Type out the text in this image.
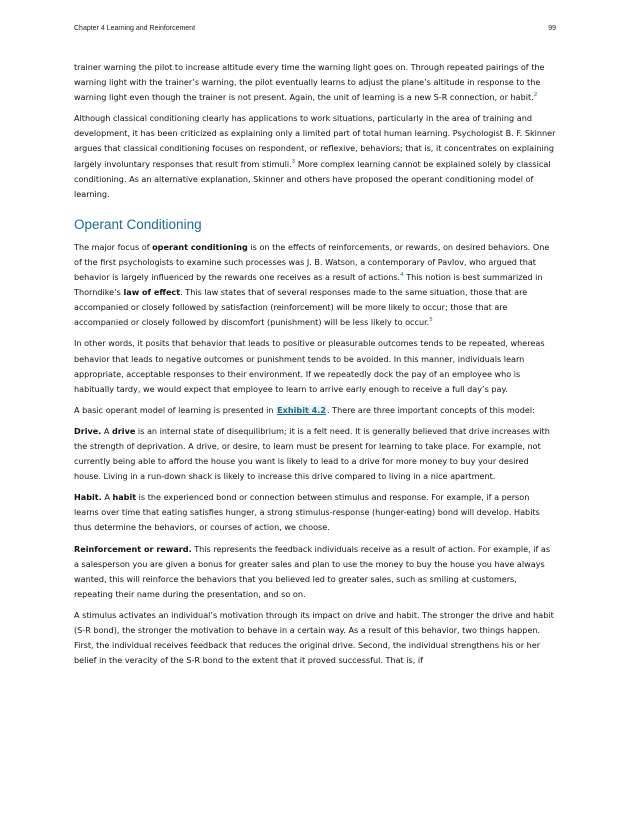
Chapter 4 Learning and Reinforcement	99

trainer warning the pilot to increase altitude every time the warning light goes on. Through repeated pairings of the warning light with the trainer’s warning, the pilot eventually learns to adjust the plane’s altitude in response to the warning light even though the trainer is not present. Again, the unit of learning is a new S-R connection, or habit.$^2$

Although classical conditioning clearly has applications to work situations, particularly in the area of training and development, it has been criticized as explaining only a limited part of total human learning. Psychologist B. F. Skinner argues that classical conditioning focuses on respondent, or reflexive, behaviors; that is, it concentrates on explaining largely involuntary responses that result from stimuli.$^3$ More complex learning cannot be explained solely by classical conditioning. As an alternative explanation, Skinner and others have proposed the operant conditioning model of learning.

Operant Conditioning

The major focus of operant conditioning is on the effects of reinforcements, or rewards, on desired behaviors. One of the first psychologists to examine such processes was J. B. Watson, a contemporary of Pavlov, who argued that behavior is largely influenced by the rewards one receives as a result of actions.$^4$ This notion is best summarized in Thorndike’s law of effect. This law states that of several responses made to the same situation, those that are accompanied or closely followed by satisfaction (reinforcement) will be more likely to occur; those that are accompanied or closely followed by discomfort (punishment) will be less likely to occur.$^5$

In other words, it posits that behavior that leads to positive or pleasurable outcomes tends to be repeated, whereas behavior that leads to negative outcomes or punishment tends to be avoided. In this manner, individuals learn appropriate, acceptable responses to their environment. If we repeatedly dock the pay of an employee who is habitually tardy, we would expect that employee to learn to arrive early enough to receive a full day’s pay.

A basic operant model of learning is presented in Exhibit 4.2. There are three important concepts of this model:

Drive. A drive is an internal state of disequilibrium; it is a felt need. It is generally believed that drive increases with the strength of deprivation. A drive, or desire, to learn must be present for learning to take place. For example, not currently being able to afford the house you want is likely to lead to a drive for more money to buy your desired house. Living in a run-down shack is likely to increase this drive compared to living in a nice apartment.

Habit. A habit is the experienced bond or connection between stimulus and response. For example, if a person learns over time that eating satisfies hunger, a strong stimulus-response (hunger-eating) bond will develop. Habits thus determine the behaviors, or courses of action, we choose.

Reinforcement or reward. This represents the feedback individuals receive as a result of action. For example, if as a salesperson you are given a bonus for greater sales and plan to use the money to buy the house you have always wanted, this will reinforce the behaviors that you believed led to greater sales, such as smiling at customers, repeating their name during the presentation, and so on.

A stimulus activates an individual’s motivation through its impact on drive and habit. The stronger the drive and habit (S-R bond), the stronger the motivation to behave in a certain way. As a result of this behavior, two things happen. First, the individual receives feedback that reduces the original drive. Second, the individual strengthens his or her belief in the veracity of the S-R bond to the extent that it proved successful. That is, if
